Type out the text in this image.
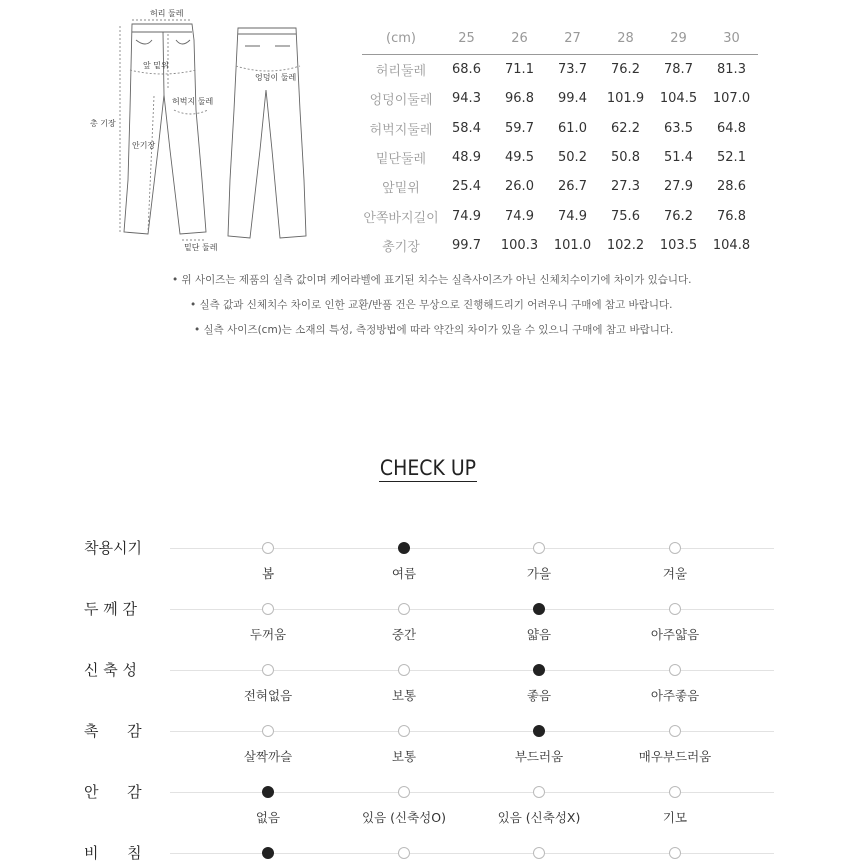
허리 둘레
앞 밑위
총 기장
허벅지 둘레
안기장
밑단 둘레
엉덩이 둘레
(cm)	25	26	27	28	29	30
허리둘레	68.6	71.1	73.7	76.2	78.7	81.3
엉덩이둘레	94.3	96.8	99.4	101.9	104.5	107.0
허벅지둘레	58.4	59.7	61.0	62.2	63.5	64.8
밑단둘레	48.9	49.5	50.2	50.8	51.4	52.1
앞밑위	25.4	26.0	26.7	27.3	27.9	28.6
안쪽바지길이	74.9	74.9	74.9	75.6	76.2	76.8
총기장	99.7	100.3	101.0	102.2	103.5	104.8
• 위 사이즈는 제품의 실측 값이며 케어라벨에 표기된 치수는 실측사이즈가 아닌 신체치수이기에 차이가 있습니다.
• 실측 값과 신체치수 차이로 인한 교환/반품 건은 무상으로 진행해드리기 어려우니 구매에 참고 바랍니다.
• 실측 사이즈(cm)는 소재의 특성, 측정방법에 따라 약간의 차이가 있을 수 있으니 구매에 참고 바랍니다.
CHECK UP
착용시기
봄	여름	가을	겨울
두 께 감
두꺼움	중간	얇음	아주얇음
신 축 성
전혀없음	보통	좋음	아주좋음
촉      감
살짝까슬	보통	부드러움	매우부드러움
안      감
없음	있음 (신축성O)	있음 (신축성X)	기모
비      침
